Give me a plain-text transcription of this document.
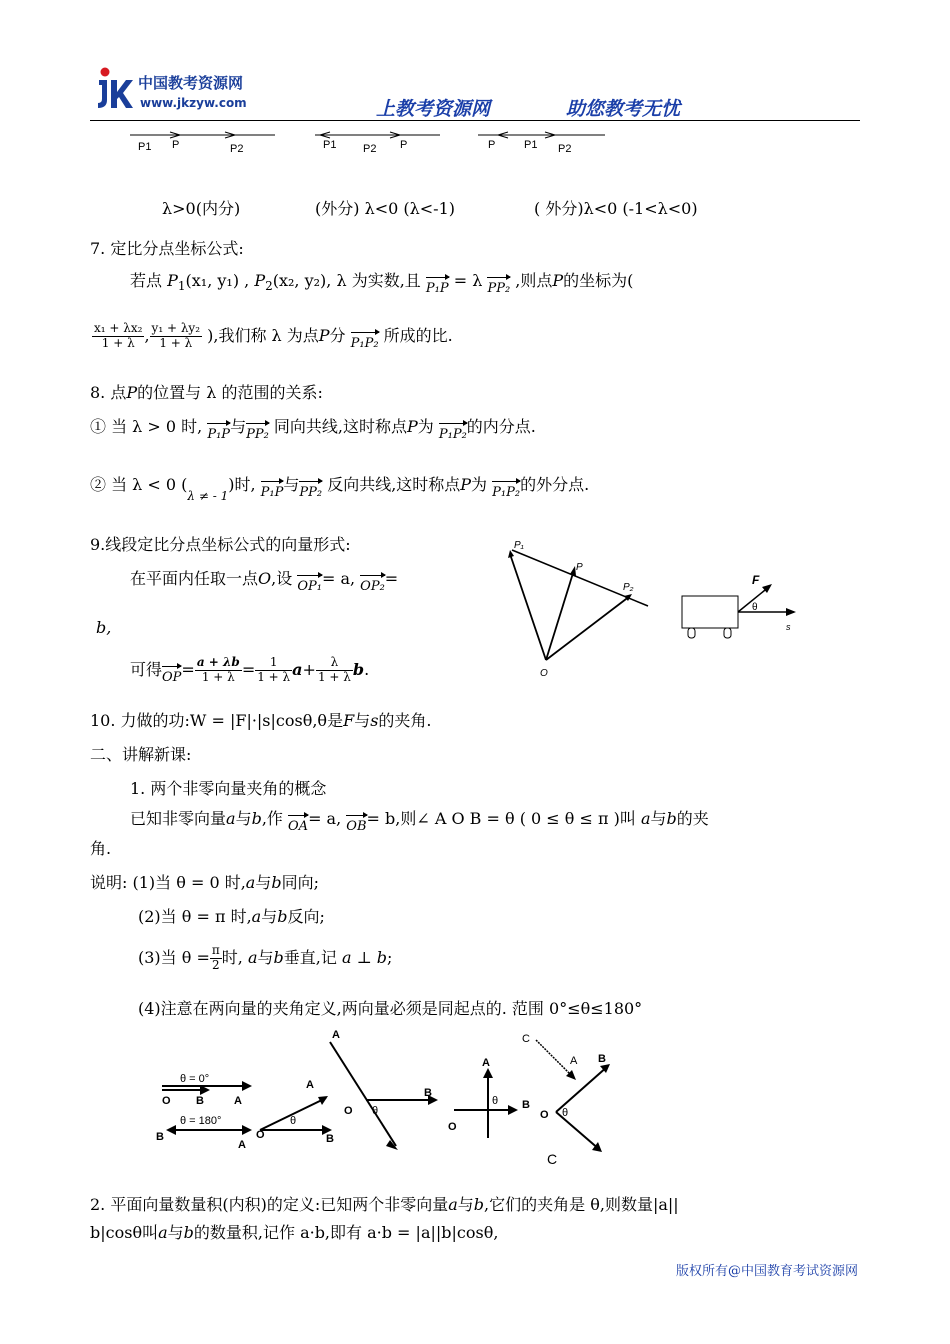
中国教考资源网
www.jkzyw.com	上教考资源网	助您教考无忧
P1 P	P2	P1 P2 P	P	P1 P2
λ>0(内分)	(外分) λ<0 (λ<-1)	( 外分)λ<0 (-1<λ<0)
7. 定比分点坐标公式:
若点 $P_1(x_1$, y₁) , $P_2(x_2$, y₂), λ 为实数,且 P₁P = λ PP₂ ,则点P的坐标为(
$\frac{\text{x₁ + λx₂}}{1 + \lambda}$ , $\frac{\text{y₁ + λy₂}}{1 + \lambda}$ ),我们称 λ 为点P分 P₁P₂ 所成的比.
8. 点P的位置与 λ 的范围的关系:
① 当 λ > 0 时, P₁P与PP₂ 同向共线,这时称点P为 P₁P₂的内分点.
② 当 λ < 0 $(_{\lambda \ne - 1})$时, P₁P与PP₂ 反向共线,这时称点P为 P₁P₂的外分点.
9.线段定比分点坐标公式的向量形式:
在平面内任取一点O,设 OP₁= a, OP₂=
b,
可得$OP= \frac{a + \lambda b}{1 + \lambda} = \frac{1}{1 + \lambda} a+ \frac{\lambda}{1 + \lambda} b$.
P₁
P
P₂
O
F
θ
s
10. 力做的功:W = |F|·|s|cosθ,θ是F与s的夹角.
二、讲解新课:
1. 两个非零向量夹角的概念
已知非零向量a与b,作 OA= a, OB= b,则∠ A O B = θ ( 0 ≤ θ ≤ π )叫 a与b的夹
角.
说明: (1)当 θ = 0 时,a与b同向;
(2)当 θ = π 时,a与b反向;
(3)当 $\theta = \frac{\pi}{2}$ 时, a与b垂直,记 a ⊥ b;
(4)注意在两向量的夹角定义,两向量必须是同起点的. 范围 0°≤θ≤180°
θ = 0°
O B	A
θ = 180°
B
A
A
O
θ
B
A
O θ
B
A
O
θ B
C
A
O θ
B
C
2. 平面向量数量积(内积)的定义:已知两个非零向量a与b,它们的夹角是 θ,则数量|a||
b|cosθ叫a与b的数量积,记作 a·b,即有 a·b = |a||b|cosθ,
版权所有@中国教育考试资源网
